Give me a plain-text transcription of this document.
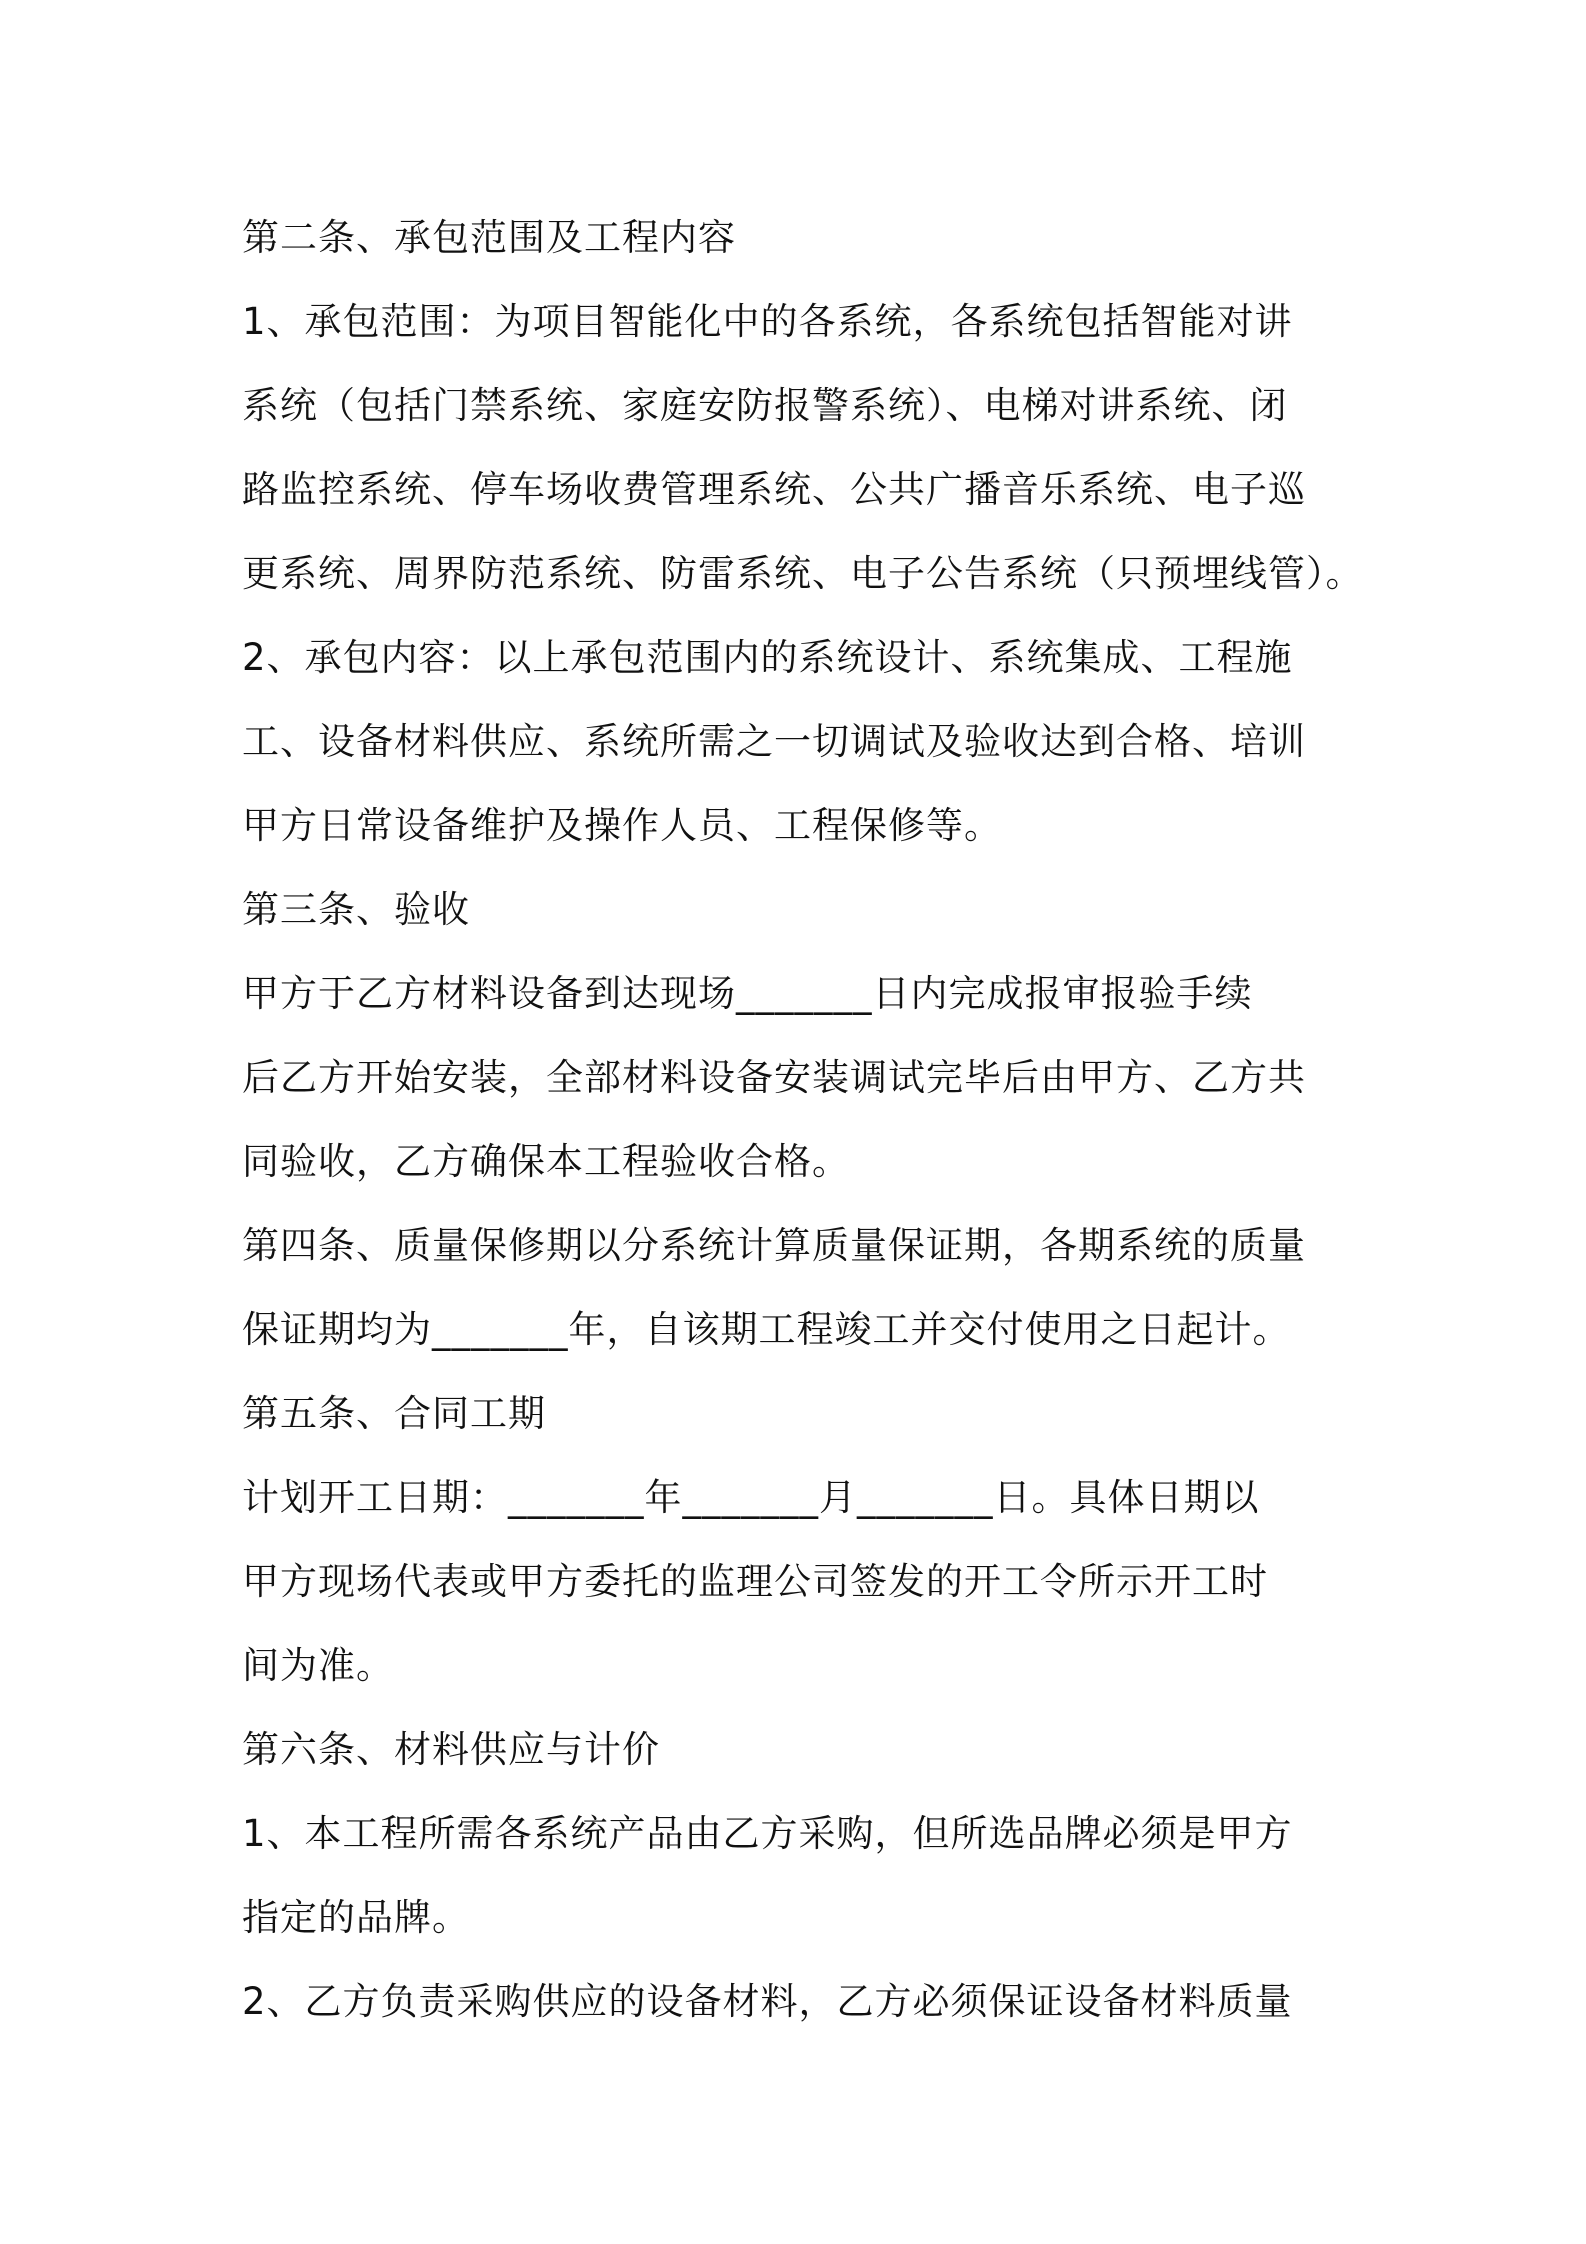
第二条、承包范围及工程内容
1、承包范围：为项目智能化中的各系统，各系统包括智能对讲
系统（包括门禁系统、家庭安防报警系统）、电梯对讲系统、闭
路监控系统、停车场收费管理系统、公共广播音乐系统、电子巡
更系统、周界防范系统、防雷系统、电子公告系统（只预埋线管）。
2、承包内容：以上承包范围内的系统设计、系统集成、工程施
工、设备材料供应、系统所需之一切调试及验收达到合格、培训
甲方日常设备维护及操作人员、工程保修等。
第三条、验收
甲方于乙方材料设备到达现场_______日内完成报审报验手续
后乙方开始安装，全部材料设备安装调试完毕后由甲方、乙方共
同验收，乙方确保本工程验收合格。
第四条、质量保修期以分系统计算质量保证期，各期系统的质量
保证期均为_______年，自该期工程竣工并交付使用之日起计。
第五条、合同工期
计划开工日期：_______年_______月_______日。具体日期以
甲方现场代表或甲方委托的监理公司签发的开工令所示开工时
间为准。
第六条、材料供应与计价
1、本工程所需各系统产品由乙方采购，但所选品牌必须是甲方
指定的品牌。
2、乙方负责采购供应的设备材料，乙方必须保证设备材料质量
